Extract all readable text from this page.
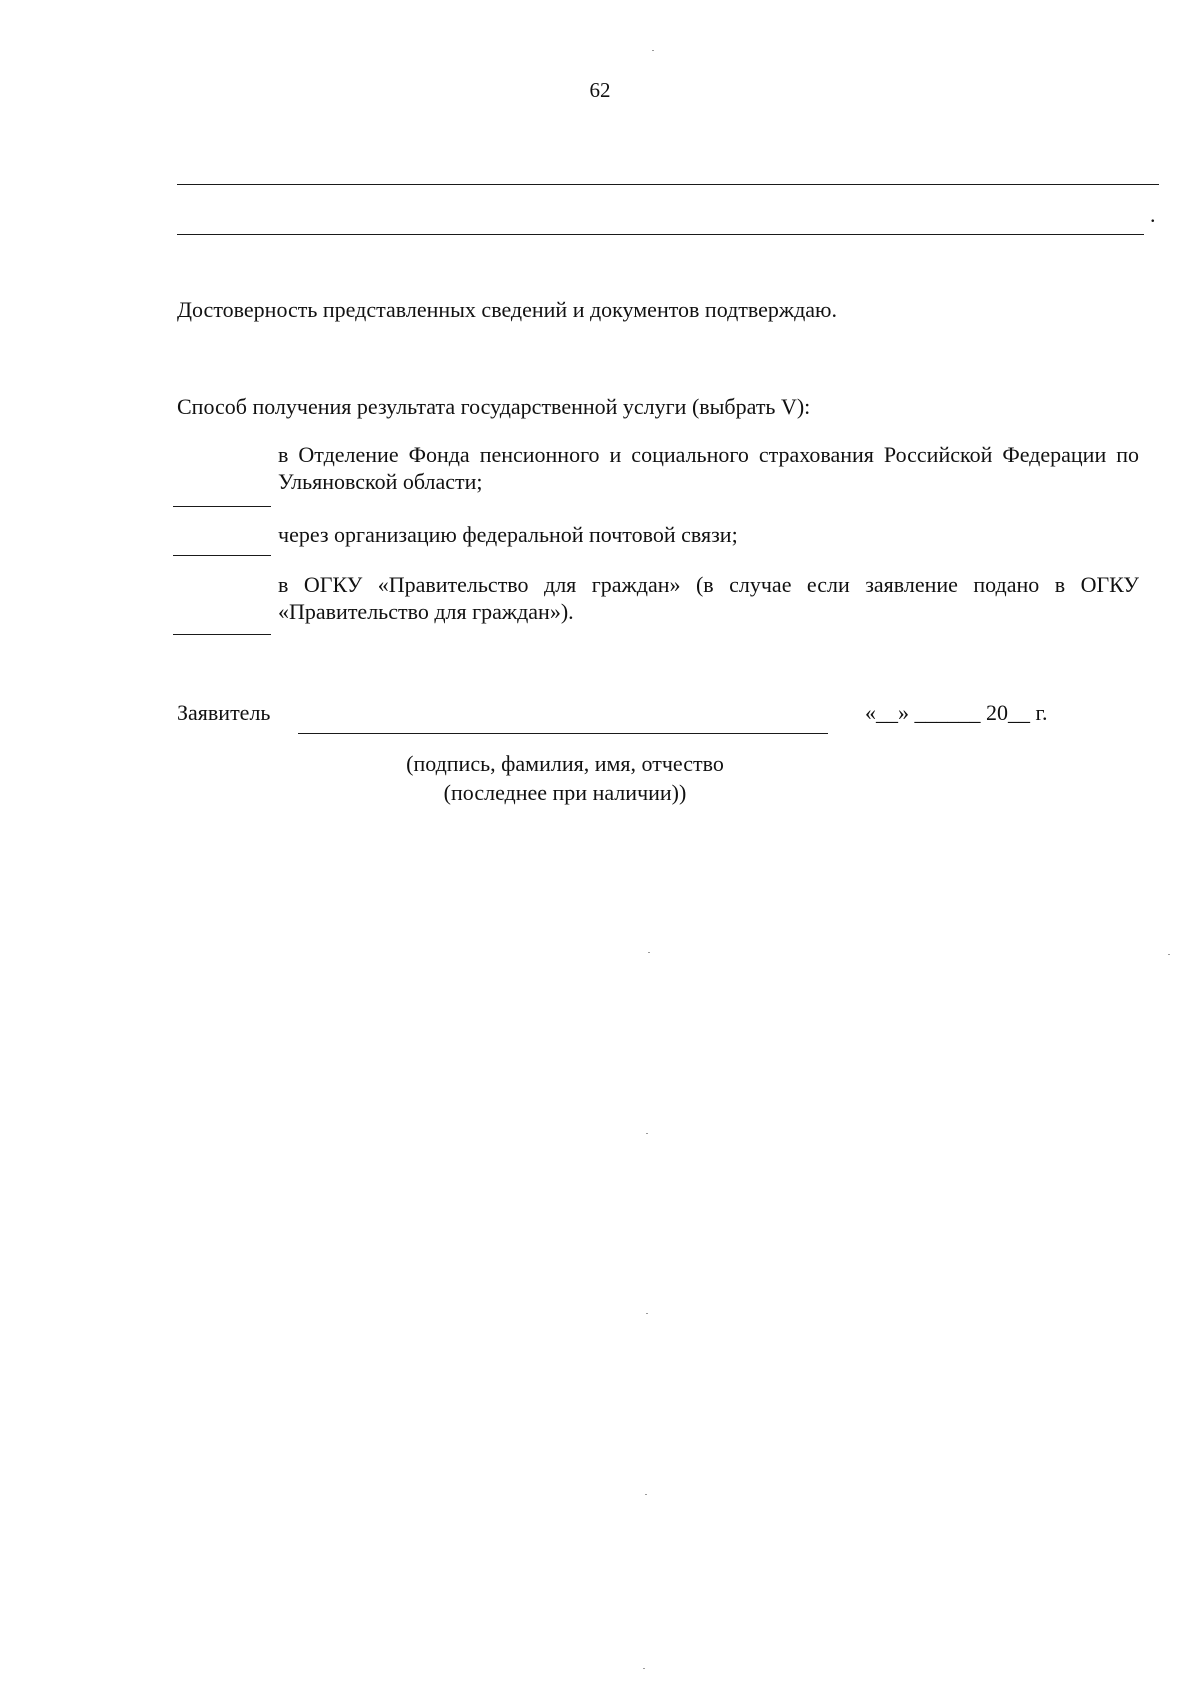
62
.
Достоверность представленных сведений и документов подтверждаю.
Способ получения результата государственной услуги (выбрать V):
в Отделение Фонда пенсионного и социального страхования Российской Федерации по Ульяновской области;
через организацию федеральной почтовой связи;
в ОГКУ «Правительство для граждан» (в случае если заявление подано в ОГКУ «Правительство для граждан»).
Заявитель	«__» ______ 20__ г.
(подпись, фамилия, имя, отчество
(последнее при наличии))
